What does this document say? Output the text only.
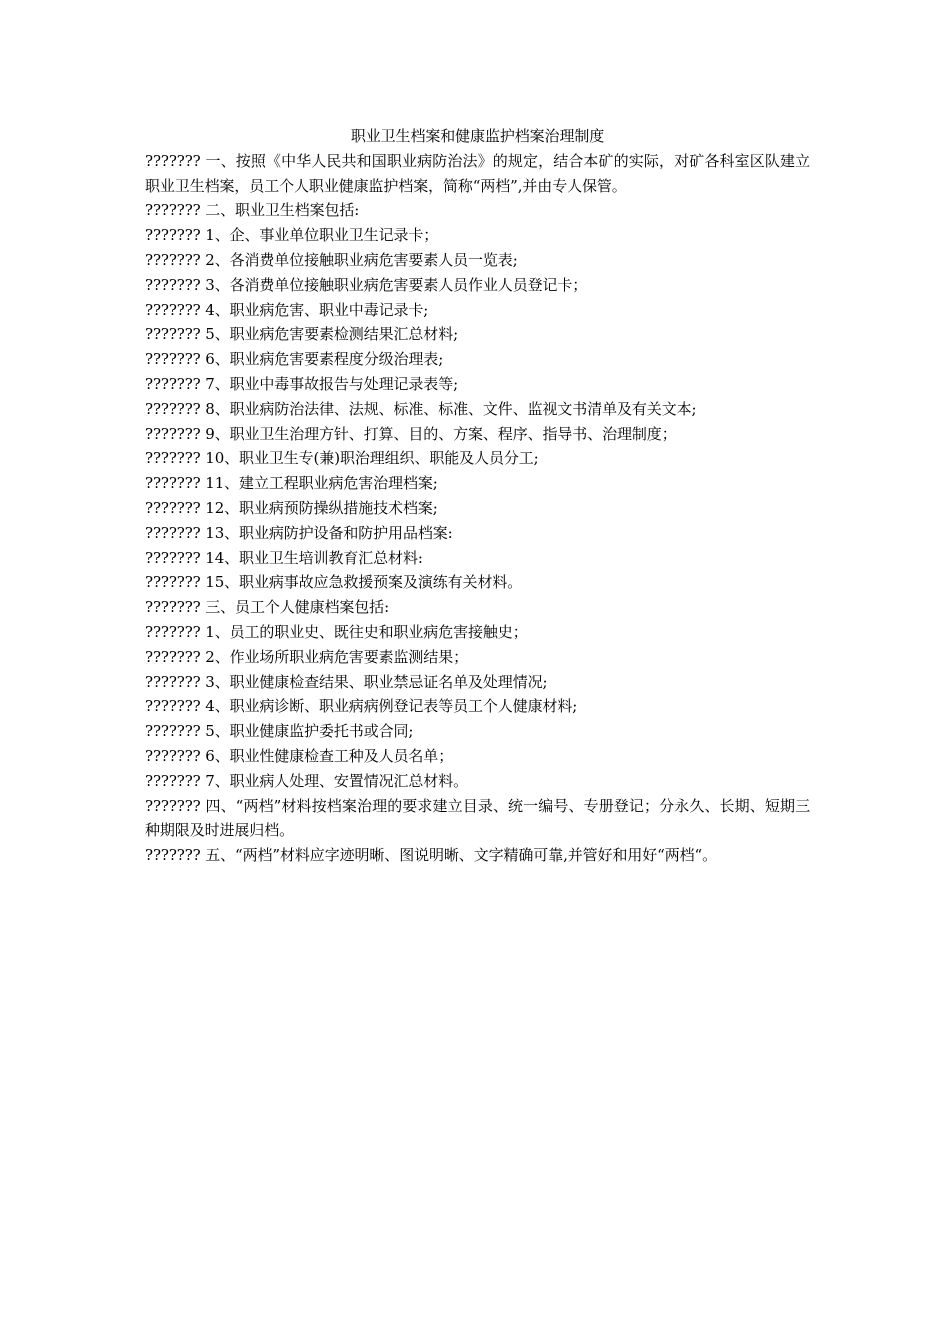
职业卫生档案和健康监护档案治理制度

??????? 一、按照《中华人民共和国职业病防治法》的规定，结合本矿的实际，对矿各科室区队建立职业卫生档案，员工个人职业健康监护档案，简称“两档”,并由专人保管。

??????? 二、职业卫生档案包括:

??????? 1、企、事业单位职业卫生记录卡；

??????? 2、各消费单位接触职业病危害要素人员一览表;

??????? 3、各消费单位接触职业病危害要素人员作业人员登记卡；

??????? 4、职业病危害、职业中毒记录卡;

??????? 5、职业病危害要素检测结果汇总材料;

??????? 6、职业病危害要素程度分级治理表;

??????? 7、职业中毒事故报告与处理记录表等;

??????? 8、职业病防治法律、法规、标准、标准、文件、监视文书清单及有关文本;

??????? 9、职业卫生治理方针、打算、目的、方案、程序、指导书、治理制度；

??????? 10、职业卫生专(兼)职治理组织、职能及人员分工;

??????? 11、建立工程职业病危害治理档案;

??????? 12、职业病预防操纵措施技术档案;

??????? 13、职业病防护设备和防护用品档案:

??????? 14、职业卫生培训教育汇总材料:

??????? 15、职业病事故应急救援预案及演练有关材料。

??????? 三、员工个人健康档案包括:

??????? 1、员工的职业史、既往史和职业病危害接触史；

??????? 2、作业场所职业病危害要素监测结果；

??????? 3、职业健康检查结果、职业禁忌证名单及处理情况;

??????? 4、职业病诊断、职业病病例登记表等员工个人健康材料;

??????? 5、职业健康监护委托书或合同;

??????? 6、职业性健康检查工种及人员名单；

??????? 7、职业病人处理、安置情况汇总材料。

??????? 四、“两档”材料按档案治理的要求建立目录、统一编号、专册登记；分永久、长期、短期三种期限及时进展归档。

??????? 五、“两档”材料应字迹明晰、图说明晰、文字精确可靠,并管好和用好“两档“。
